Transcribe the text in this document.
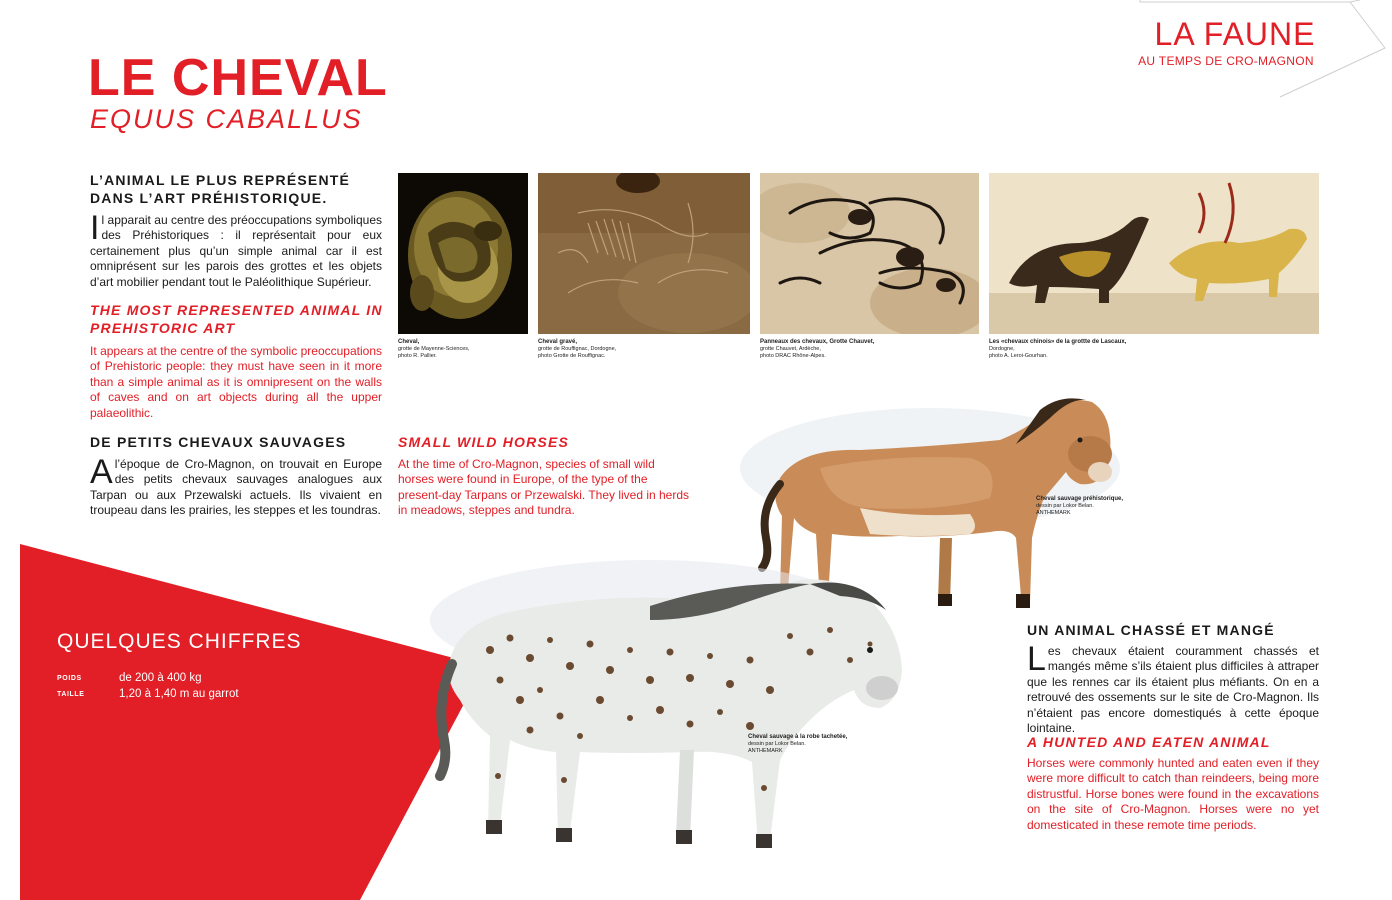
LA FAUNE
AU TEMPS DE CRO-MAGNON
LE CHEVAL
EQUUS CABALLUS
L’ANIMAL LE PLUS REPRÉSENTÉ DANS L’ART PRÉHISTORIQUE.
Il apparait au centre des préoccupations symboliques des Préhistoriques : il représentait pour eux certainement plus qu’un simple animal car il est omniprésent sur les parois des grottes et les objets d’art mobilier pendant tout le Paléolithique Supérieur.
THE MOST REPRESENTED ANIMAL IN PREHISTORIC ART
It appears at the centre of the symbolic preoccupations of Prehistoric people: they must have seen in it more than a simple animal as it is omnipresent on the walls of caves and on art objects during all the upper palaeolithic.
DE PETITS CHEVAUX SAUVAGES
A l’époque de Cro-Magnon, on trouvait en Europe des petits chevaux sauvages analogues aux Tarpan ou aux Przewalski actuels. Ils vivaient en troupeau dans les prairies, les steppes et les toundras.
SMALL WILD HORSES
At the time of Cro-Magnon, species of small wild horses were found in Europe, of the type of the present-day Tarpans or Przewalski. They lived in herds in meadows, steppes and tundra.
Cheval,
grotte de Mayenne-Sciences,
photo R. Pallier.
Cheval gravé,
grotte de Rouffignac, Dordogne,
photo Grotte de Rouffignac.
Panneaux des chevaux, Grotte Chauvet,
grotte Chauvet, Ardèche,
photo DRAC Rhône-Alpes.
Les «chevaux chinois» de la grottte de Lascaux,
Dordogne,
photo A. Leroi-Gourhan.
QUELQUES CHIFFRES
POIDS	de 200 à 400 kg
TAILLE	1,20 à 1,40 m au garrot
Cheval sauvage préhistorique,
dessin par Lokor Belan.
ANTHEMARK
Cheval sauvage à la robe tachetée,
dessin par Lokor Belan.
ANTHEMARK
UN ANIMAL CHASSÉ ET MANGÉ
Les chevaux étaient couramment chassés et mangés même s’ils étaient plus difficiles à attraper que les rennes car ils étaient plus méfiants. On en a retrouvé des ossements sur le site de Cro-Magnon. Ils n’étaient pas encore domestiqués à cette époque lointaine.
A HUNTED AND EATEN ANIMAL
Horses were commonly hunted and eaten even if they were more difficult to catch than reindeers, being more distrustful. Horse bones were found in the excavations on the site of Cro-Magnon. Horses were no yet domesticated in these remote time periods.
